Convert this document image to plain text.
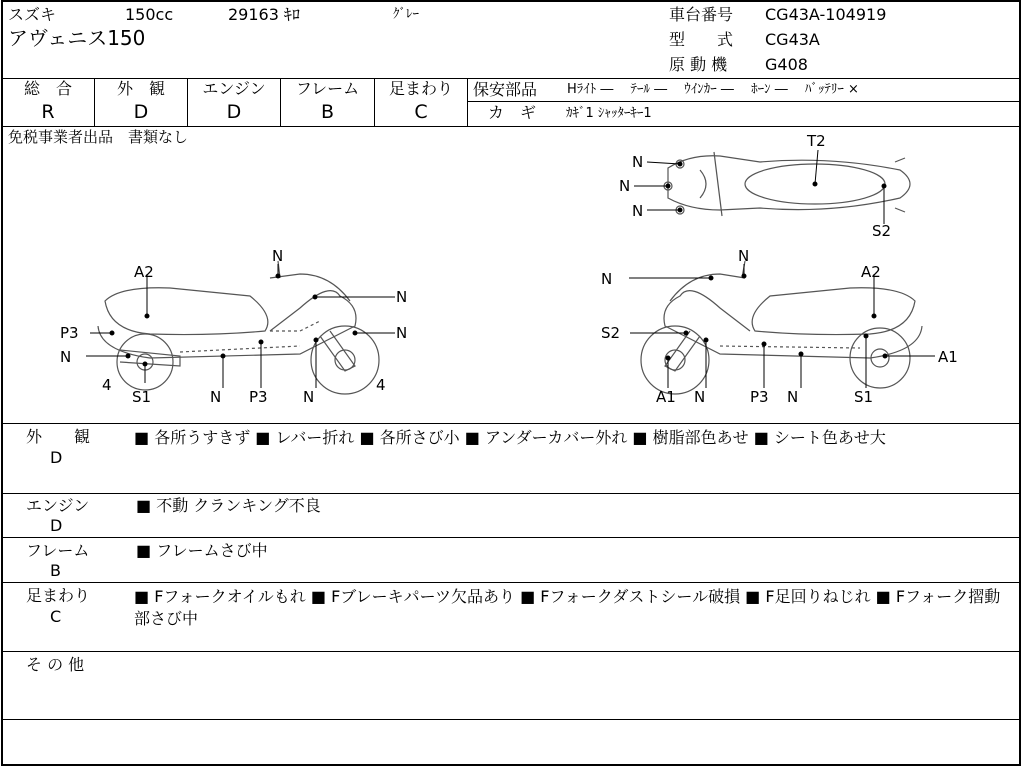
スズキ	150cc	29163 ｷﾛ	ｸﾞﾚｰ
アヴェニス150
車台番号 CG43A-104919
型　　式 CG43A
原 動 機 G408
総　合
R
外　観
D
エンジン
D
フレーム
B
足まわり
C
保安部品 Hﾗｲﾄ ―　 ﾃｰﾙ ―　 ｳｲﾝｶｰ ―　 ﾎｰﾝ ―　 ﾊﾞｯﾃﾘｰ ×
カ　ギ ｶｷﾞ1 ｼｬｯﾀｰｷｰ1
免税事業者出品　書類なし
N
N
N
T2
S2
N
A2
N
P3	N
N
4
S1	N P3 N
4
N
A2
S2
A1
A1 N	P3 N	S1
N
外　　観
D
■ 各所うすきず ■ レバー折れ ■ 各所さび小 ■ アンダーカバー外れ ■ 樹脂部色あせ ■ シート色あせ大
エンジン
D
■ 不動 クランキング不良
フレーム
B
■ フレームさび中
足まわり
C
■ Fフォークオイルもれ ■ Fブレーキパーツ欠品あり ■ Fフォークダストシール破損 ■ F足回りねじれ ■ Fフォーク摺動部さび中
そ の 他
